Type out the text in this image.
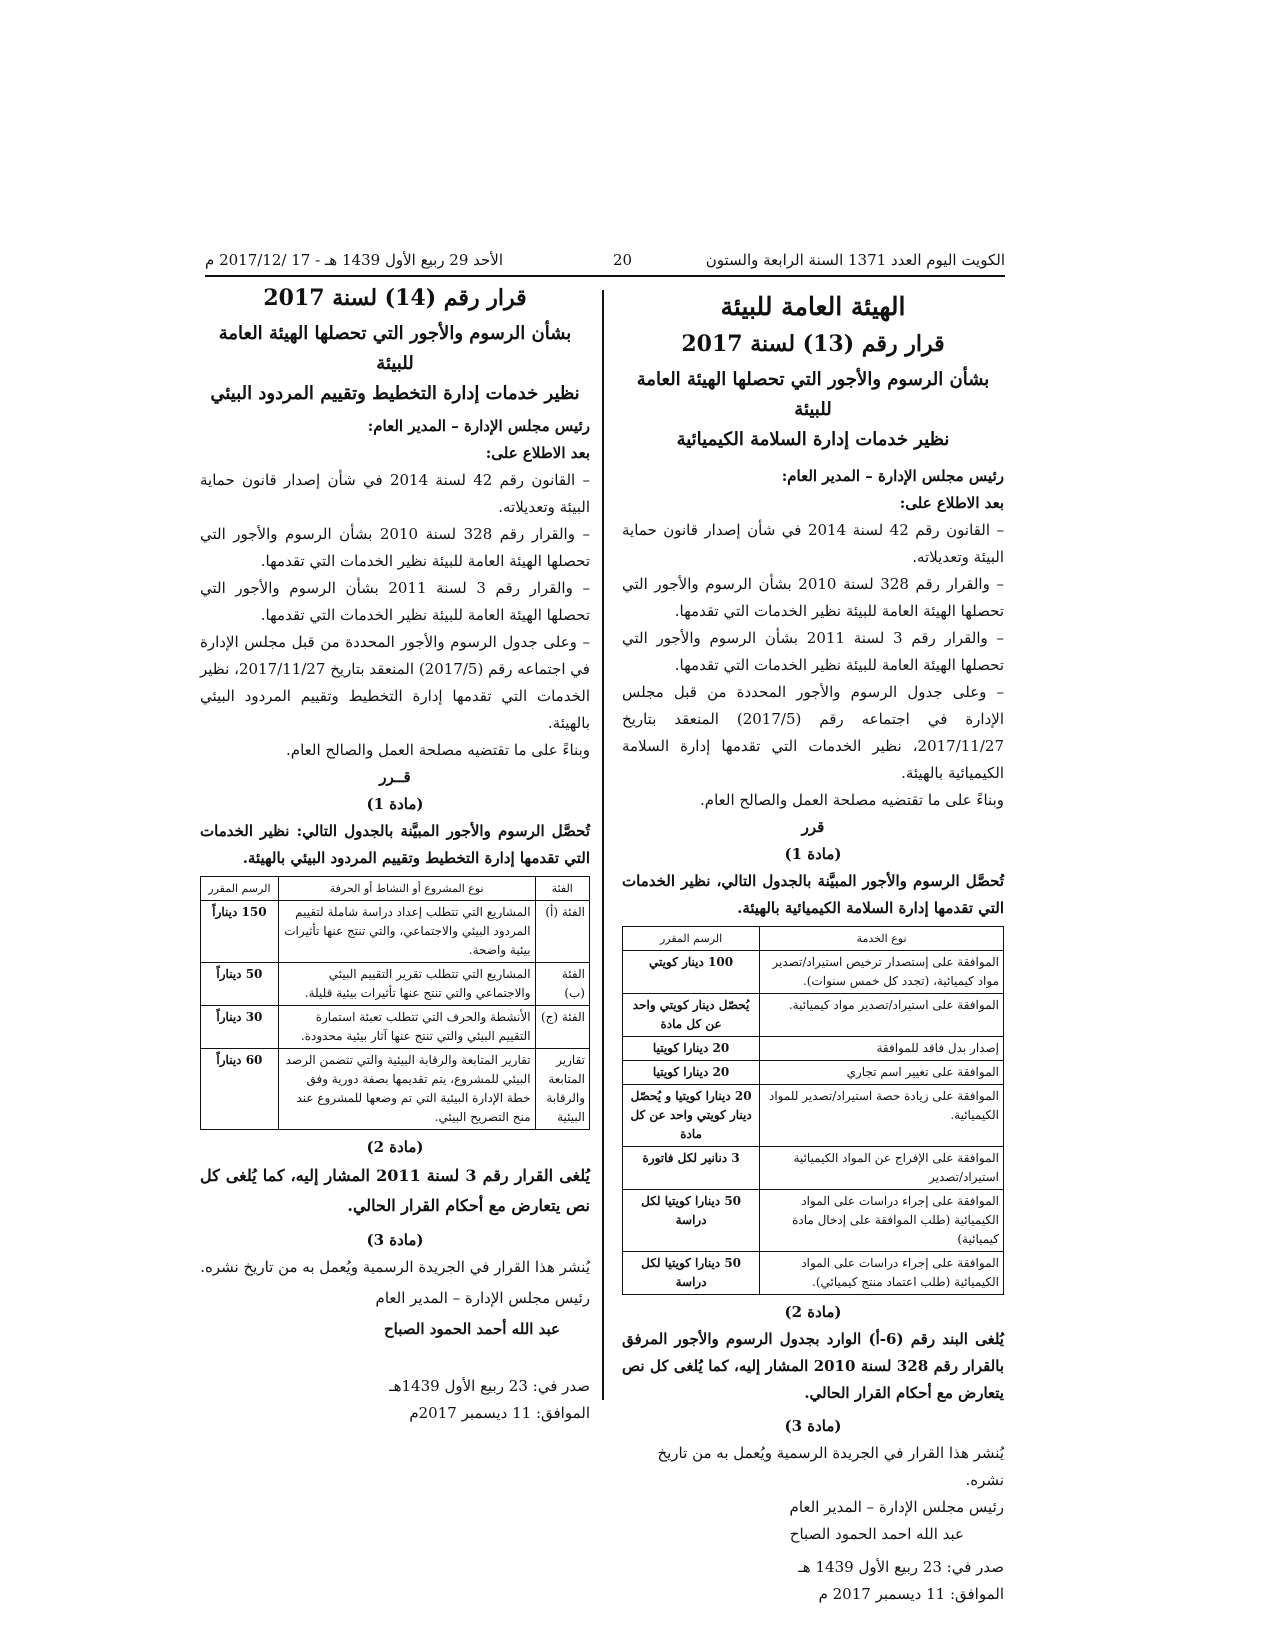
الأحد 29 ربيع الأول 1439 هـ - 17 /2017/12 م	20	الكويت اليوم العدد 1371 السنة الرابعة والستون
الهيئة العامة للبيئة
قرار رقم (13) لسنة 2017
بشأن الرسوم والأجور التي تحصلها الهيئة العامة للبيئة
نظير خدمات إدارة السلامة الكيميائية

رئيس مجلس الإدارة – المدير العام:

بعد الاطلاع على:

– القانون رقم 42 لسنة 2014 في شأن إصدار قانون حماية البيئة وتعديلاته.

– والقرار رقم 328 لسنة 2010 بشأن الرسوم والأجور التي تحصلها الهيئة العامة للبيئة نظير الخدمات التي تقدمها.

– والقرار رقم 3 لسنة 2011 بشأن الرسوم والأجور التي تحصلها الهيئة العامة للبيئة نظير الخدمات التي تقدمها.

– وعلى جدول الرسوم والأجور المحددة من قبل مجلس الإدارة في اجتماعه رقم (2017/5) المنعقد بتاريخ 2017/11/27، نظير الخدمات التي تقدمها إدارة السلامة الكيميائية بالهيئة.

وبناءً على ما تقتضيه مصلحة العمل والصالح العام.

قرر

(مادة 1)

تُحصَّل الرسوم والأجور المبيَّنة بالجدول التالي، نظير الخدمات التي تقدمها إدارة السلامة الكيميائية بالهيئة.

نوع الخدمة	الرسم المقرر
الموافقة على إستصدار ترخيص استيراد/تصدير مواد كيميائية، (تجدد كل خمس سنوات).	100 دينار كويتي
الموافقة على استيراد/تصدير مواد كيميائية.	يُحصّل دينار كويتي واحد عن كل مادة
إصدار بدل فاقد للموافقة	20 دينارا كويتيا
الموافقة على تغيير اسم تجاري	20 دينارا كويتيا
الموافقة على زيادة حصة استيراد/تصدير للمواد الكيميائية.	20 دينارا كويتيا و يُحصّل دينار كويتي واحد عن كل مادة
الموافقة على الإفراج عن المواد الكيميائية استيراد/تصدير	3 دنانير لكل فاتورة
الموافقة على إجراء دراسات على المواد الكيميائية (طلب الموافقة على إدخال مادة كيميائية)	50 دينارا كويتيا لكل دراسة
الموافقة على إجراء دراسات على المواد الكيميائية (طلب اعتماد منتج كيميائي).	50 دينارا كويتيا لكل دراسة

(مادة 2)

يُلغى البند رقم (6-أ) الوارد بجدول الرسوم والأجور المرفق بالقرار رقم 328 لسنة 2010 المشار إليه، كما يُلغى كل نص يتعارض مع أحكام القرار الحالي.

(مادة 3)

يُنشر هذا القرار في الجريدة الرسمية ويُعمل به من تاريخ نشره.

رئيس مجلس الإدارة – المدير العام

عبد الله احمد الحمود الصباح

صدر في: 23 ربيع الأول 1439 هـ

الموافق: 11 ديسمبر 2017 م

قرار رقم (14) لسنة 2017
بشأن الرسوم والأجور التي تحصلها الهيئة العامة للبيئة
نظير خدمات إدارة التخطيط وتقييم المردود البيئي

رئيس مجلس الإدارة – المدير العام:

بعد الاطلاع على:

– القانون رقم 42 لسنة 2014 في شأن إصدار قانون حماية البيئة وتعديلاته.

– والقرار رقم 328 لسنة 2010 بشأن الرسوم والأجور التي تحصلها الهيئة العامة للبيئة نظير الخدمات التي تقدمها.

– والقرار رقم 3 لسنة 2011 بشأن الرسوم والأجور التي تحصلها الهيئة العامة للبيئة نظير الخدمات التي تقدمها.

– وعلى جدول الرسوم والأجور المحددة من قبل مجلس الإدارة في اجتماعه رقم (2017/5) المنعقد بتاريخ 2017/11/27، نظير الخدمات التي تقدمها إدارة التخطيط وتقييم المردود البيئي بالهيئة.

وبناءً على ما تقتضيه مصلحة العمل والصالح العام.

قــرر

(مادة 1)

تُحصَّل الرسوم والأجور المبيَّنة بالجدول التالي: نظير الخدمات التي تقدمها إدارة التخطيط وتقييم المردود البيئي بالهيئة.

الفئة	نوع المشروع أو النشاط أو الحرفة	الرسم المقرر
الفئة (أ)	المشاريع التي تتطلب إعداد دراسة شاملة لتقييم المردود البيئي والاجتماعي، والتي تنتج عنها تأثيرات بيئية واضحة.	150 ديناراً
الفئة (ب)	المشاريع التي تتطلب تقرير التقييم البيئي والاجتماعي والتي تنتج عنها تأثيرات بيئية قليلة.	50 ديناراً
الفئة (ج)	الأنشطة والحرف التي تتطلب تعبئة استمارة التقييم البيئي والتي تنتج عنها آثار بيئية محدودة.	30 ديناراً
تقارير المتابعة والرقابة البيئية	تقارير المتابعة والرقابة البيئية والتي تتضمن الرصد البيئي للمشروع، يتم تقديمها بصفة دورية وفق خطة الإدارة البيئية التي تم وضعها للمشروع عند منح التصريح البيئي.	60 ديناراً

(مادة 2)

يُلغى القرار رقم 3 لسنة 2011 المشار إليه، كما يُلغى كل نص يتعارض مع أحكام القرار الحالي.

(مادة 3)

يُنشر هذا القرار في الجريدة الرسمية ويُعمل به من تاريخ نشره.

رئيس مجلس الإدارة – المدير العام

عبد الله أحمد الحمود الصباح

صدر في: 23 ربيع الأول 1439هـ

الموافق: 11 ديسمبر 2017م
